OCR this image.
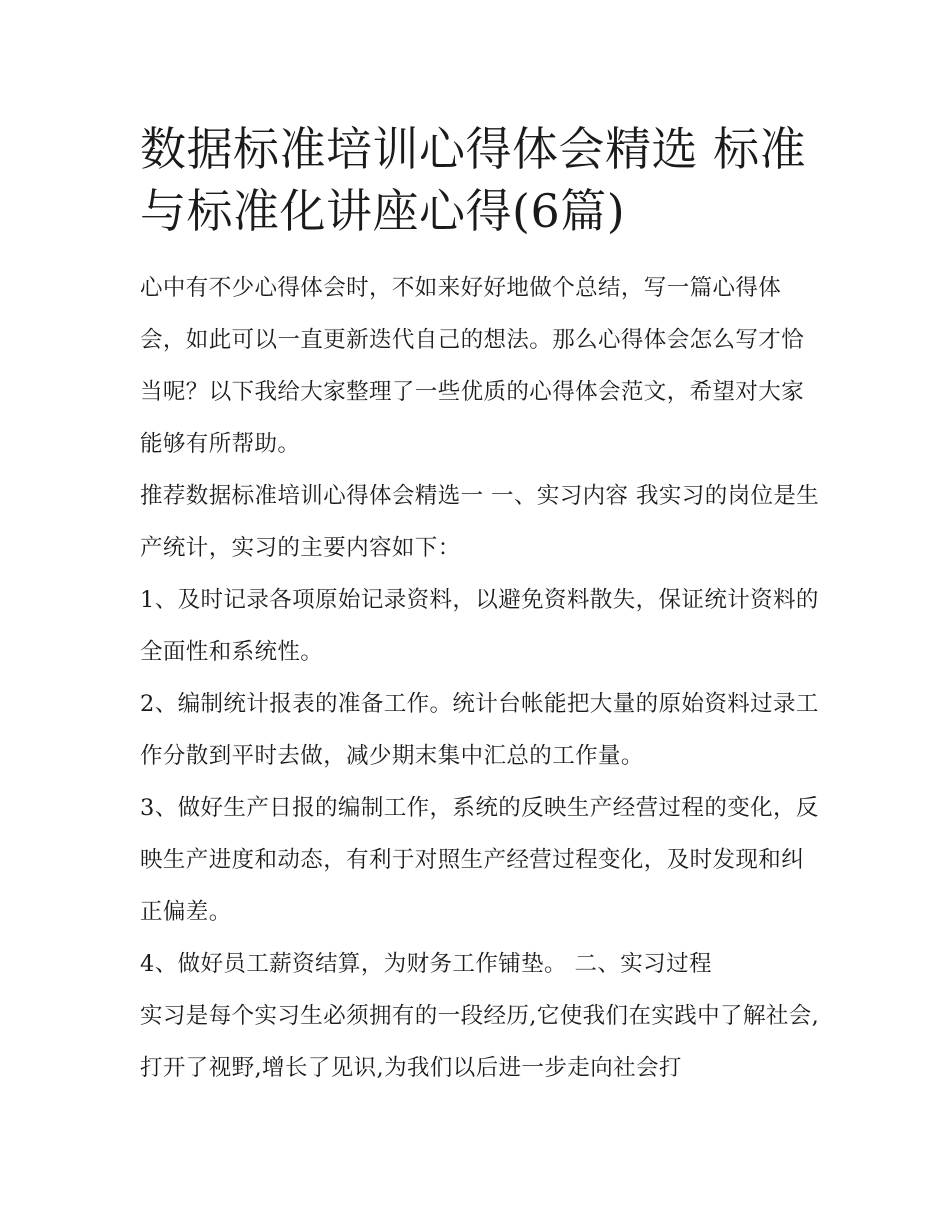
数据标准培训心得体会精选 标准与标准化讲座心得(6篇)

心中有不少心得体会时，不如来好好地做个总结，写一篇心得体会，如此可以一直更新迭代自己的想法。那么心得体会怎么写才恰当呢？以下我给大家整理了一些优质的心得体会范文，希望对大家能够有所帮助。

推荐数据标准培训心得体会精选一 一、实习内容 我实习的岗位是生产统计，实习的主要内容如下：

1、及时记录各项原始记录资料，以避免资料散失，保证统计资料的全面性和系统性。

2、编制统计报表的准备工作。统计台帐能把大量的原始资料过录工作分散到平时去做，减少期末集中汇总的工作量。

3、做好生产日报的编制工作，系统的反映生产经营过程的变化，反映生产进度和动态，有利于对照生产经营过程变化，及时发现和纠正偏差。

4、做好员工薪资结算，为财务工作铺垫。 二、实习过程

实习是每个实习生必须拥有的一段经历,它使我们在实践中了解社会,打开了视野,增长了见识,为我们以后进一步走向社会打
